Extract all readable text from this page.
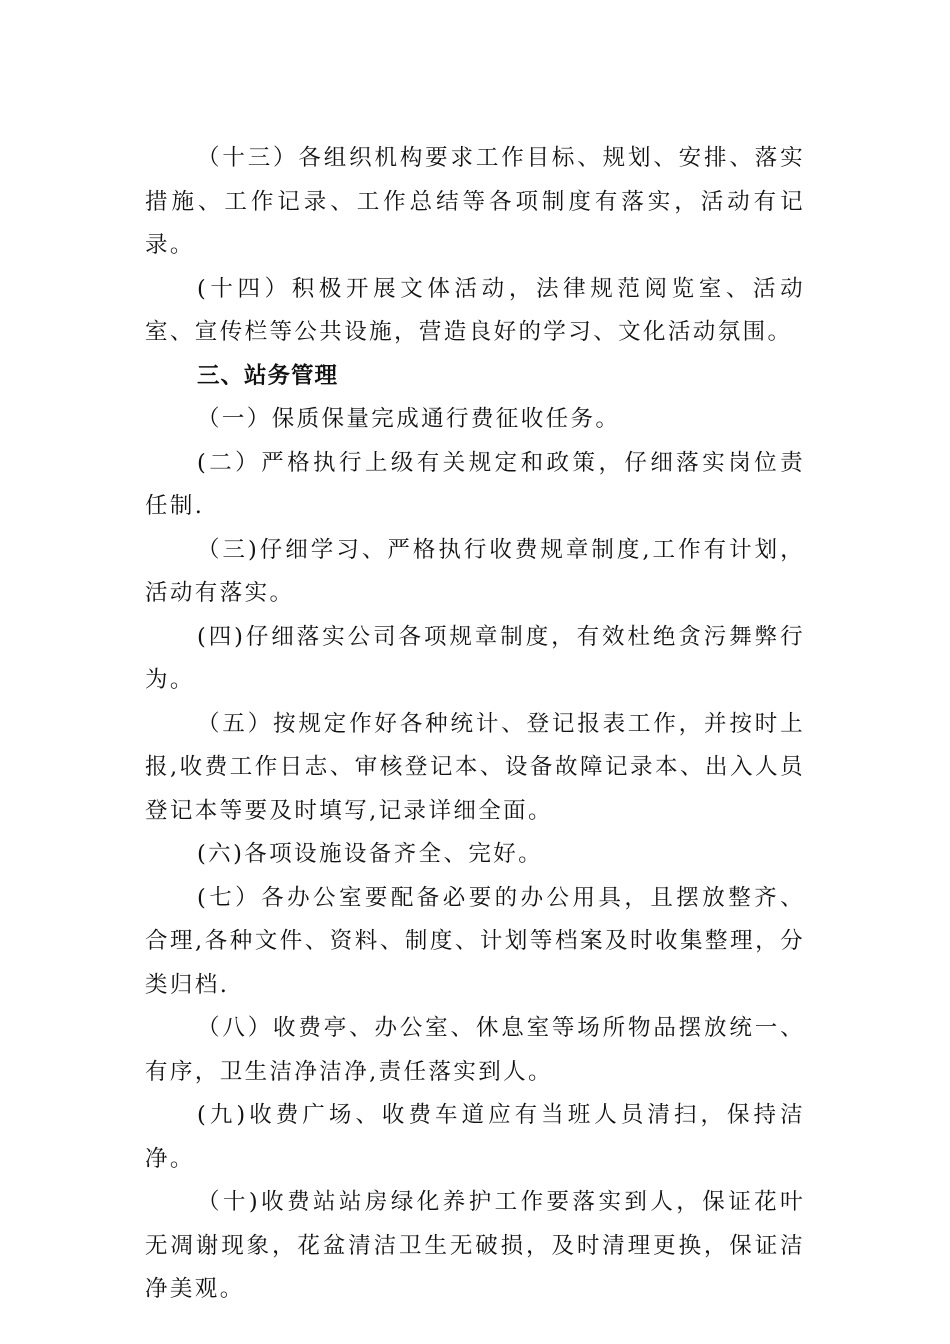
（十三）各组织机构要求工作目标、规划、安排、落实措施、工作记录、工作总结等各项制度有落实，活动有记录。

(十四）积极开展文体活动，法律规范阅览室、活动室、宣传栏等公共设施，营造良好的学习、文化活动氛围。

三、站务管理

（一）保质保量完成通行费征收任务。

(二）严格执行上级有关规定和政策，仔细落实岗位责任制.

（三)仔细学习、严格执行收费规章制度,工作有计划，活动有落实。

(四)仔细落实公司各项规章制度，有效杜绝贪污舞弊行为。

（五）按规定作好各种统计、登记报表工作，并按时上报,收费工作日志、审核登记本、设备故障记录本、出入人员登记本等要及时填写,记录详细全面。

(六)各项设施设备齐全、完好。

(七）各办公室要配备必要的办公用具，且摆放整齐、合理,各种文件、资料、制度、计划等档案及时收集整理，分类归档.

（八）收费亭、办公室、休息室等场所物品摆放统一、有序，卫生洁净洁净,责任落实到人。

(九)收费广场、收费车道应有当班人员清扫，保持洁净。

（十)收费站站房绿化养护工作要落实到人，保证花叶无凋谢现象，花盆清洁卫生无破损，及时清理更换，保证洁净美观。
